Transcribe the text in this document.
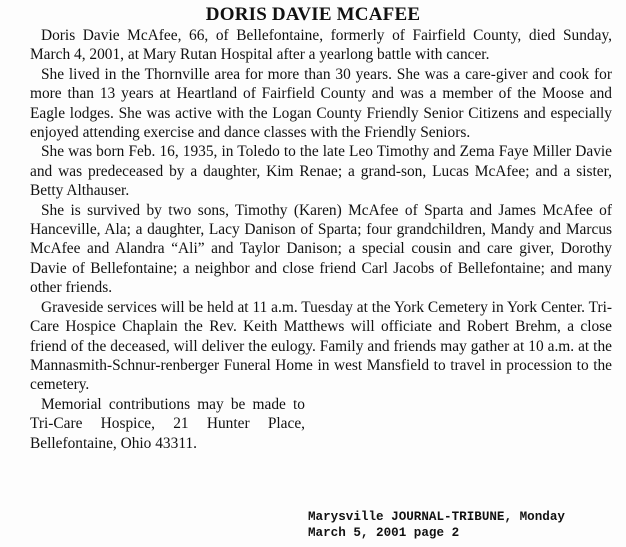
DORIS DAVIE MCAFEE

Doris Davie McAfee, 66, of Bellefontaine, formerly of Fairfield County, died Sunday, March 4, 2001, at Mary Rutan Hospital after a yearlong battle with cancer.

She lived in the Thornville area for more than 30 years. She was a care-giver and cook for more than 13 years at Heartland of Fairfield County and was a member of the Moose and Eagle lodges. She was active with the Logan County Friendly Senior Citizens and especially enjoyed attending exercise and dance classes with the Friendly Seniors.

She was born Feb. 16, 1935, in Toledo to the late Leo Timothy and Zema Faye Miller Davie and was predeceased by a daughter, Kim Renae; a grand-son, Lucas McAfee; and a sister, Betty Althauser.

She is survived by two sons, Timothy (Karen) McAfee of Sparta and James McAfee of Hanceville, Ala; a daughter, Lacy Danison of Sparta; four grandchildren, Mandy and Marcus McAfee and Alandra “Ali” and Taylor Danison; a special cousin and care giver, Dorothy Davie of Bellefontaine; a neighbor and close friend Carl Jacobs of Bellefontaine; and many other friends.

Graveside services will be held at 11 a.m. Tuesday at the York Cemetery in York Center. Tri-Care Hospice Chaplain the Rev. Keith Matthews will officiate and Robert Brehm, a close friend of the deceased, will deliver the eulogy. Family and friends may gather at 10 a.m. at the Mannasmith-Schnur-renberger Funeral Home in west Mansfield to travel in procession to the cemetery.

Memorial contributions may be made to Tri-Care Hospice, 21 Hunter Place, Bellefontaine, Ohio 43311.

Marysville JOURNAL-TRIBUNE, Monday
March 5, 2001 page 2
